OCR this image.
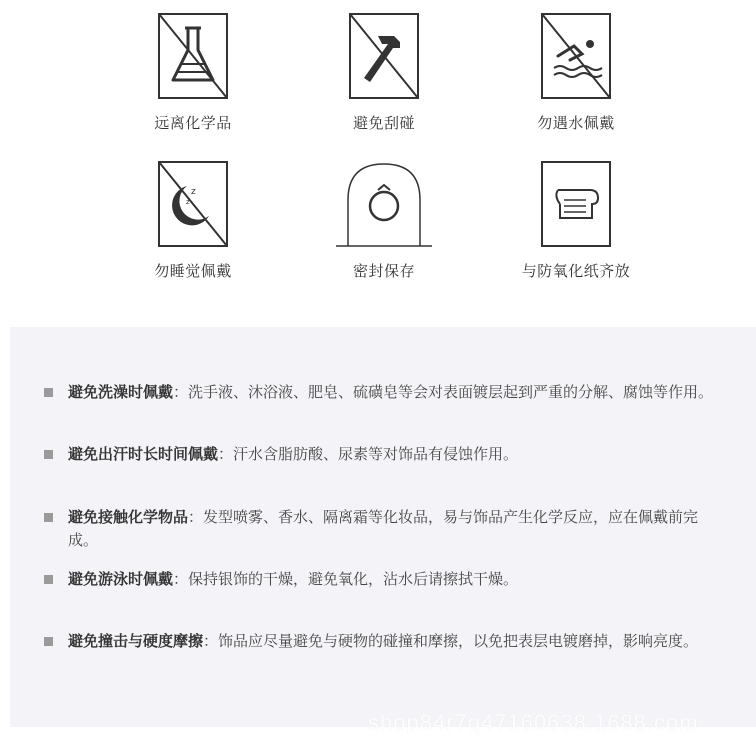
远离化学品	避免刮碰	勿遇水佩戴
z
z
勿睡觉佩戴	密封保存	与防氧化纸齐放
避免洗澡时佩戴：洗手液、沐浴液、肥皂、硫磺皂等会对表面镀层起到严重的分解、腐蚀等作用。
避免出汗时长时间佩戴：汗水含脂肪酸、尿素等对饰品有侵蚀作用。
避免接触化学物品：发型喷雾、香水、隔离霜等化妆品，易与饰品产生化学反应，应在佩戴前完成。
避免游泳时佩戴：保持银饰的干燥，避免氧化，沾水后请擦拭干燥。
避免撞击与硬度摩擦：饰品应尽量避免与硬物的碰撞和摩擦，以免把表层电镀磨掉，影响亮度。
shop84r7q47160638.1688.com
